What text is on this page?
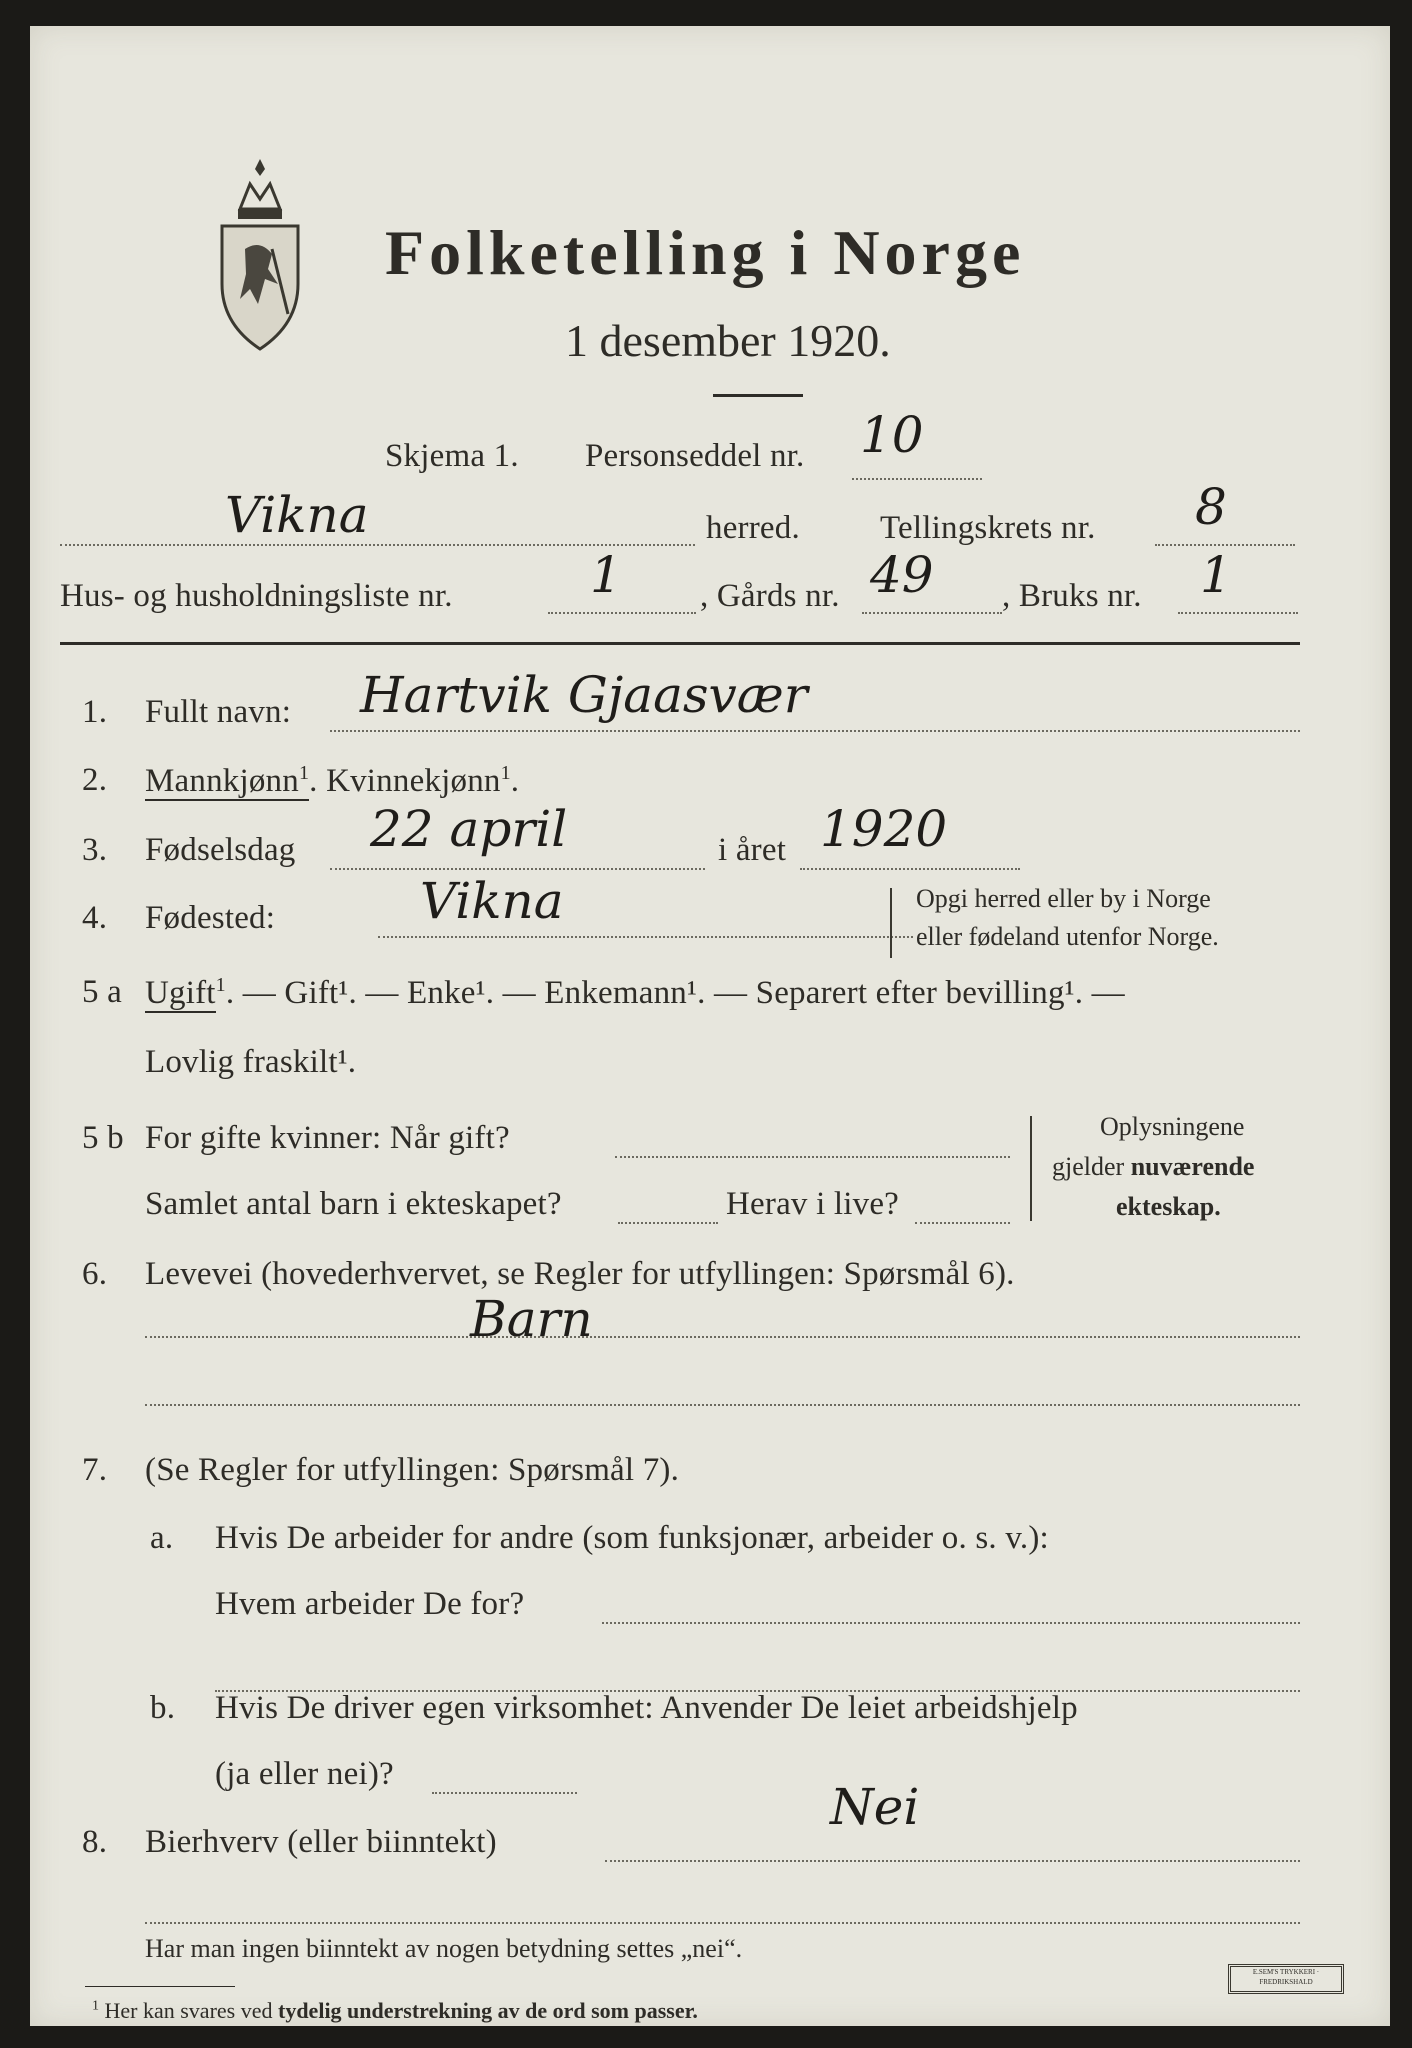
Folketelling i Norge
1 desember 1920.
Skjema 1. Personseddel nr. 10
Vikna	herred. Tellingskrets nr. 8
Hus- og husholdningsliste nr.	1 , Gårds nr. 49 , Bruks nr. 1
1. Fullt navn: Hartvik Gjaasvær
2. Mannkjønn$^1$. Kvinnekjønn$^1$.
3. Fødselsdag 22 april	i året 1920
4. Fødested:	Vikna	Opgi herred eller by i Norge
eller fødeland utenfor Norge.
5 a Ugift$^1$. — Gift¹. — Enke¹. — Enkemann¹. — Separert efter bevilling¹. —
Lovlig fraskilt¹.
5 b For gifte kvinner: Når gift?
Samlet antal barn i ekteskapet?	Herav i live?
Oplysningene
gjelder nuværende
ekteskap.
6. Levevei (hovederhvervet, se Regler for utfyllingen: Spørsmål 6).
Barn
7. (Se Regler for utfyllingen: Spørsmål 7).
a. Hvis De arbeider for andre (som funksjonær, arbeider o. s. v.):
Hvem arbeider De for?
b. Hvis De driver egen virksomhet: Anvender De leiet arbeidshjelp
(ja eller nei)?
8. Bierhverv (eller biinntekt)
Nei
Har man ingen biinntekt av nogen betydning settes „nei“.
$^1$ Her kan svares ved tydelig understrekning av de ord som passer.
E.SEM'S TRYKKERI · FREDRIKSHALD
